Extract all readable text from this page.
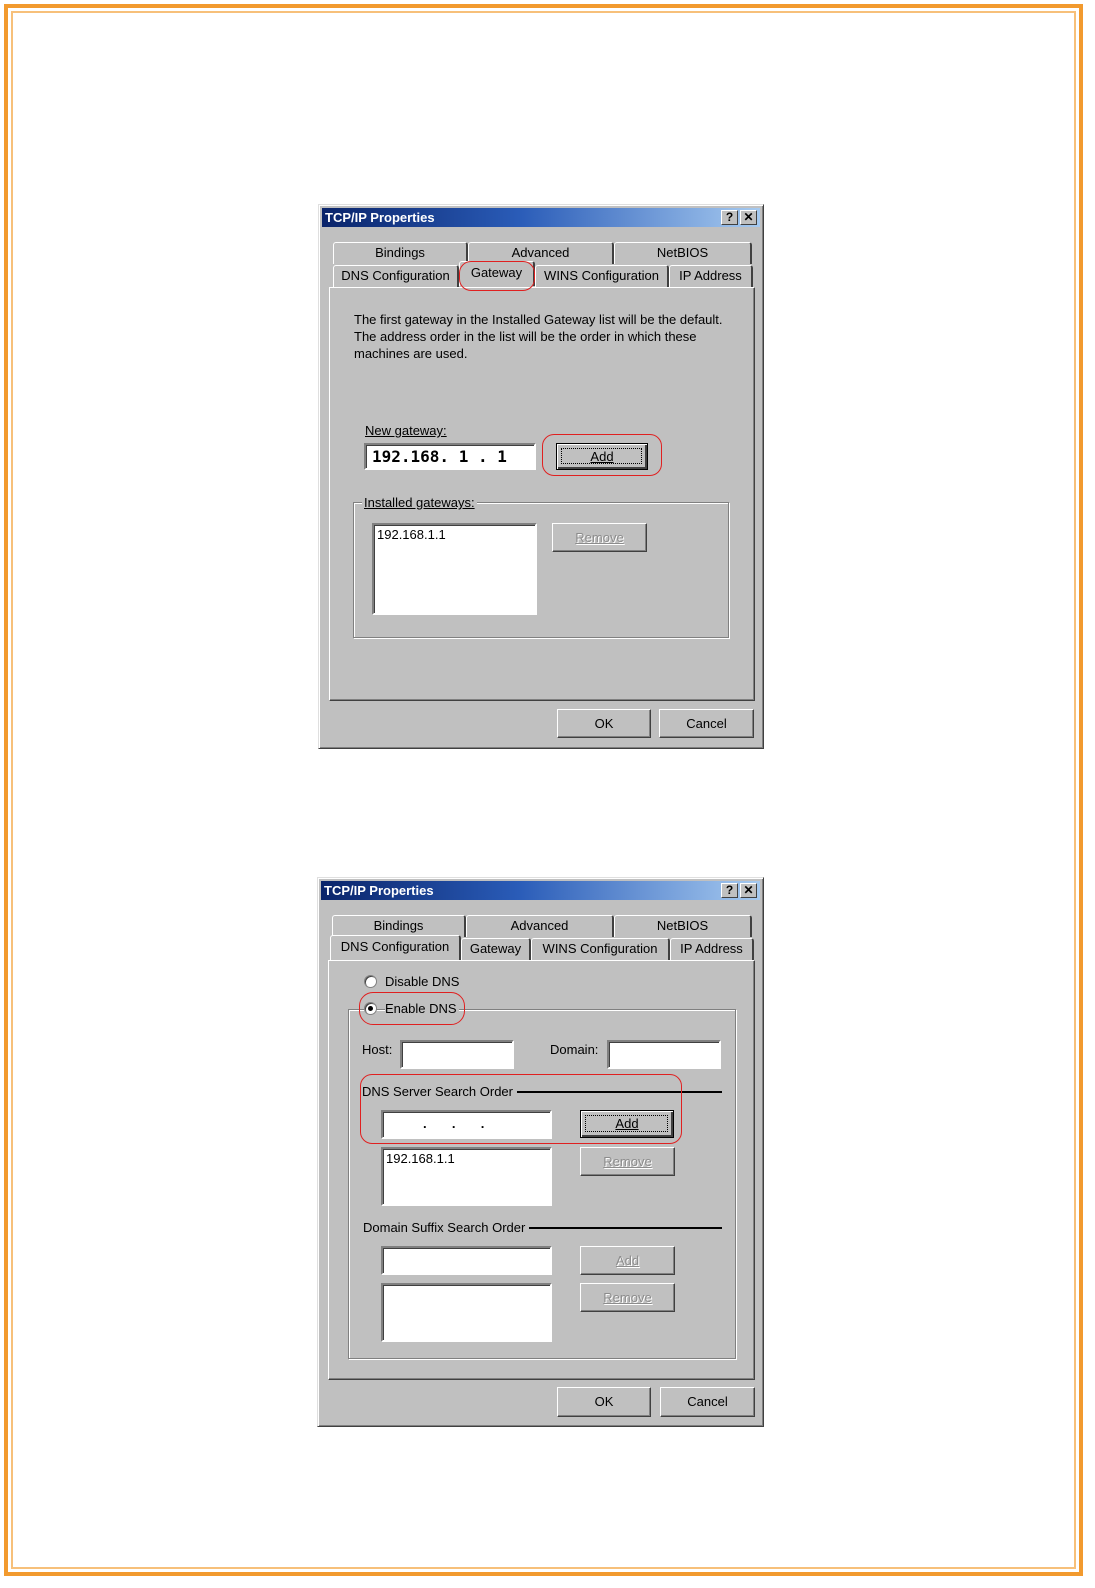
TCP/IP Properties	? ✕
Bindings	Advanced	NetBIOS
DNS Configuration	Gateway	WINS Configuration	IP Address
The first gateway in the Installed Gateway list will be the default.
The address order in the list will be the order in which these
machines are used.
New gateway:
192.168. 1 . 1	Add
Installed gateways:
192.168.1.1	Remove
OK	Cancel
TCP/IP Properties	? ✕
Bindings	Advanced	NetBIOS
DNS Configuration	Gateway	WINS Configuration	IP Address
Disable DNS
Enable DNS
Host:	Domain:
DNS Server Search Order
.       .       .	Add
192.168.1.1	Remove
Domain Suffix Search Order
Add
Remove
OK	Cancel
